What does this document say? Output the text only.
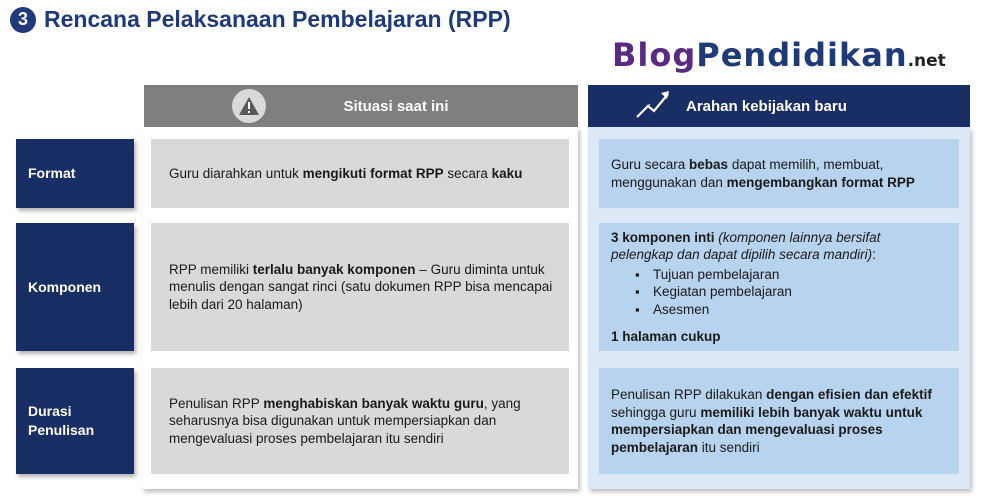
3 Rencana Pelaksanaan Pembelajaran (RPP)
BlogPendidikan.net
Situasi saat ini	Arahan kebijakan baru
Format
Komponen
Durasi
Penulisan
Guru diarahkan untuk mengikuti format RPP secara kaku
Guru secara bebas dapat memilih, membuat, menggunakan dan mengembangkan format RPP
RPP memiliki terlalu banyak komponen – Guru diminta untuk menulis dengan sangat rinci (satu dokumen RPP bisa mencapai lebih dari 20 halaman)
3 komponen inti (komponen lainnya bersifat pelengkap dan dapat dipilih secara mandiri):
▪ Tujuan pembelajaran
▪ Kegiatan pembelajaran
▪ Asesmen
1 halaman cukup
Penulisan RPP menghabiskan banyak waktu guru, yang seharusnya bisa digunakan untuk mempersiapkan dan mengevaluasi proses pembelajaran itu sendiri
Penulisan RPP dilakukan dengan efisien dan efektif sehingga guru memiliki lebih banyak waktu untuk mempersiapkan dan mengevaluasi proses pembelajaran itu sendiri
